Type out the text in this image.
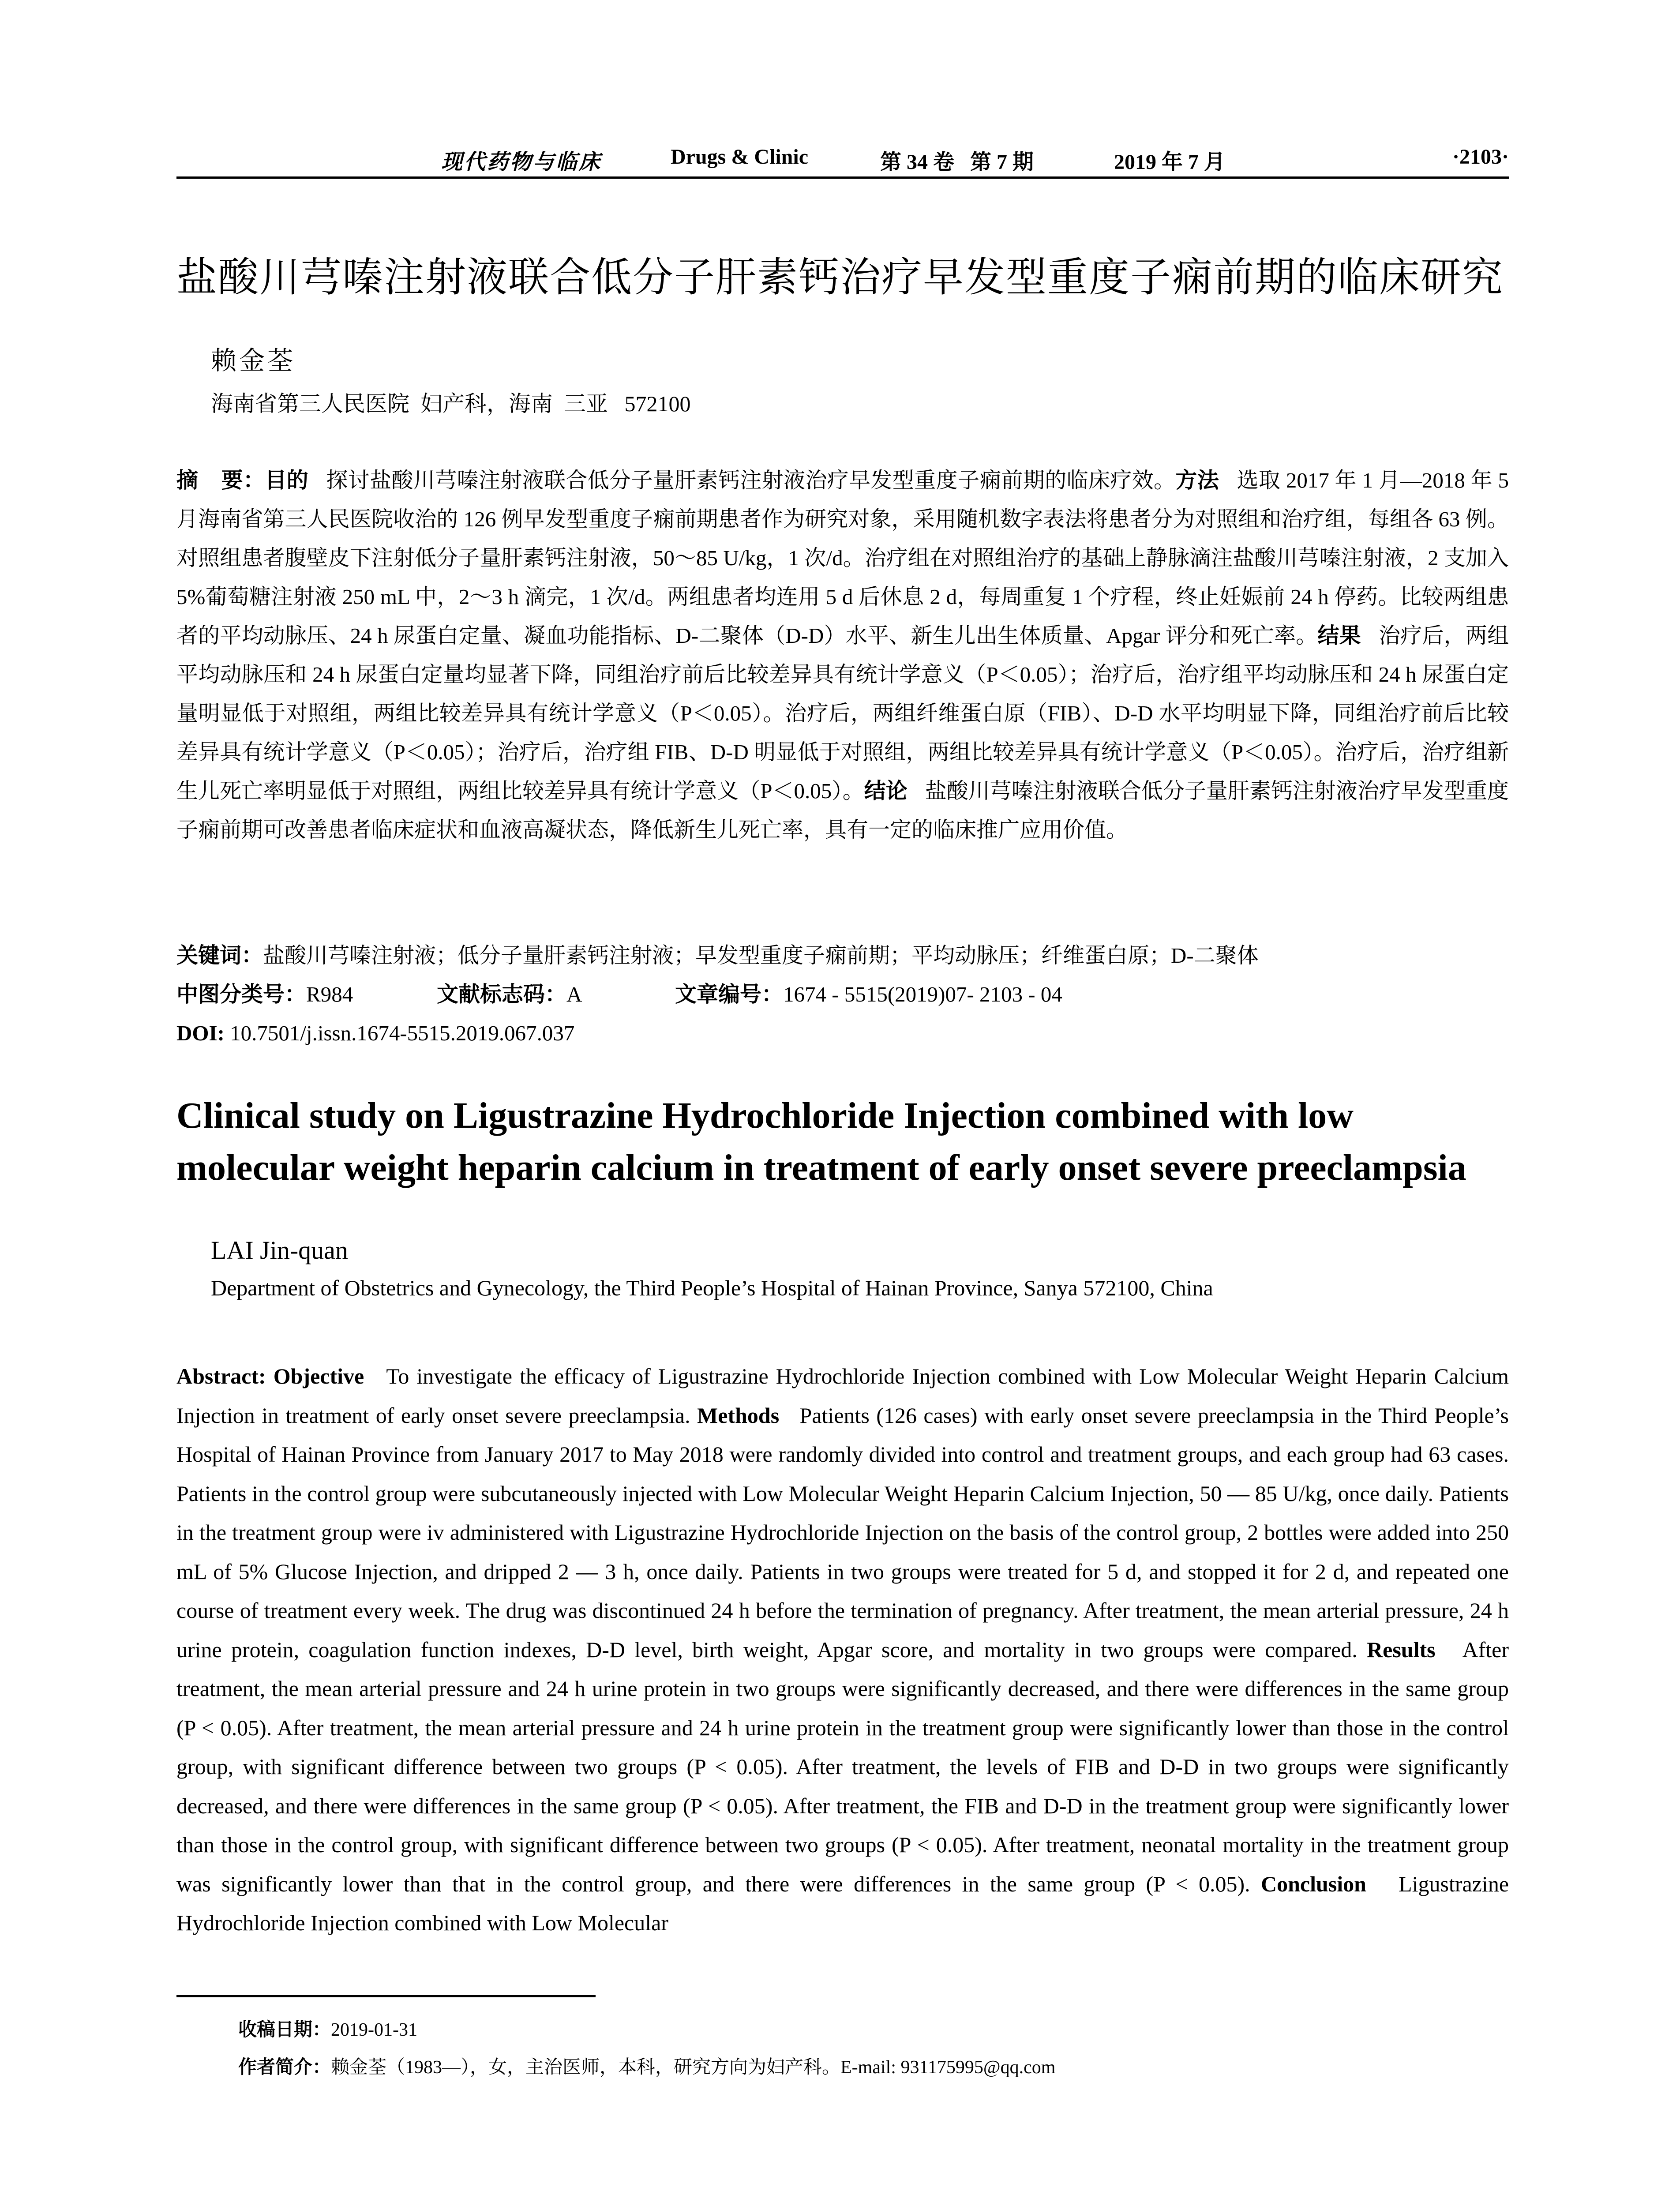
现代药物与临床	Drugs & Clinic	第 34 卷   第 7 期	2019 年 7 月	·2103·
盐酸川芎嗪注射液联合低分子肝素钙治疗早发型重度子痫前期的临床研究
赖金荃
海南省第三人民医院  妇产科，海南  三亚   572100
摘   要：目的 探讨盐酸川芎嗪注射液联合低分子量肝素钙注射液治疗早发型重度子痫前期的临床疗效。方法 选取 2017 年 1 月—2018 年 5 月海南省第三人民医院收治的 126 例早发型重度子痫前期患者作为研究对象，采用随机数字表法将患者分为对照组和治疗组，每组各 63 例。对照组患者腹壁皮下注射低分子量肝素钙注射液，50～85 U/kg，1 次/d。治疗组在对照组治疗的基础上静脉滴注盐酸川芎嗪注射液，2 支加入 5%葡萄糖注射液 250 mL 中，2～3 h 滴完，1 次/d。两组患者均连用 5 d 后休息 2 d，每周重复 1 个疗程，终止妊娠前 24 h 停药。比较两组患者的平均动脉压、24 h 尿蛋白定量、凝血功能指标、D-二聚体（D-D）水平、新生儿出生体质量、Apgar 评分和死亡率。结果 治疗后，两组平均动脉压和 24 h 尿蛋白定量均显著下降，同组治疗前后比较差异具有统计学意义（P＜0.05）；治疗后，治疗组平均动脉压和 24 h 尿蛋白定量明显低于对照组，两组比较差异具有统计学意义（P＜0.05）。治疗后，两组纤维蛋白原（FIB）、D-D 水平均明显下降，同组治疗前后比较差异具有统计学意义（P＜0.05）；治疗后，治疗组 FIB、D-D 明显低于对照组，两组比较差异具有统计学意义（P＜0.05）。治疗后，治疗组新生儿死亡率明显低于对照组，两组比较差异具有统计学意义（P＜0.05）。结论 盐酸川芎嗪注射液联合低分子量肝素钙注射液治疗早发型重度子痫前期可改善患者临床症状和血液高凝状态，降低新生儿死亡率，具有一定的临床推广应用价值。
关键词：盐酸川芎嗪注射液；低分子量肝素钙注射液；早发型重度子痫前期；平均动脉压；纤维蛋白原；D-二聚体
中图分类号：R984	文献标志码：A	文章编号：1674 - 5515(2019)07- 2103 - 04
DOI: 10.7501/j.issn.1674-5515.2019.067.037
Clinical study on Ligustrazine Hydrochloride Injection combined with low molecular weight heparin calcium in treatment of early onset severe preeclampsia
LAI Jin-quan
Department of Obstetrics and Gynecology, the Third People’s Hospital of Hainan Province, Sanya 572100, China
Abstract: Objective To investigate the efficacy of Ligustrazine Hydrochloride Injection combined with Low Molecular Weight Heparin Calcium Injection in treatment of early onset severe preeclampsia. Methods Patients (126 cases) with early onset severe preeclampsia in the Third People’s Hospital of Hainan Province from January 2017 to May 2018 were randomly divided into control and treatment groups, and each group had 63 cases. Patients in the control group were subcutaneously injected with Low Molecular Weight Heparin Calcium Injection, 50 — 85 U/kg, once daily. Patients in the treatment group were iv administered with Ligustrazine Hydrochloride Injection on the basis of the control group, 2 bottles were added into 250 mL of 5% Glucose Injection, and dripped 2 — 3 h, once daily. Patients in two groups were treated for 5 d, and stopped it for 2 d, and repeated one course of treatment every week. The drug was discontinued 24 h before the termination of pregnancy. After treatment, the mean arterial pressure, 24 h urine protein, coagulation function indexes, D-D level, birth weight, Apgar score, and mortality in two groups were compared. Results After treatment, the mean arterial pressure and 24 h urine protein in two groups were significantly decreased, and there were differences in the same group (P < 0.05). After treatment, the mean arterial pressure and 24 h urine protein in the treatment group were significantly lower than those in the control group, with significant difference between two groups (P < 0.05). After treatment, the levels of FIB and D-D in two groups were significantly decreased, and there were differences in the same group (P < 0.05). After treatment, the FIB and D-D in the treatment group were significantly lower than those in the control group, with significant difference between two groups (P < 0.05). After treatment, neonatal mortality in the treatment group was significantly lower than that in the control group, and there were differences in the same group (P < 0.05). Conclusion Ligustrazine Hydrochloride Injection combined with Low Molecular
收稿日期：2019-01-31
作者简介：赖金荃（1983—），女，主治医师，本科，研究方向为妇产科。E-mail: 931175995@qq.com
